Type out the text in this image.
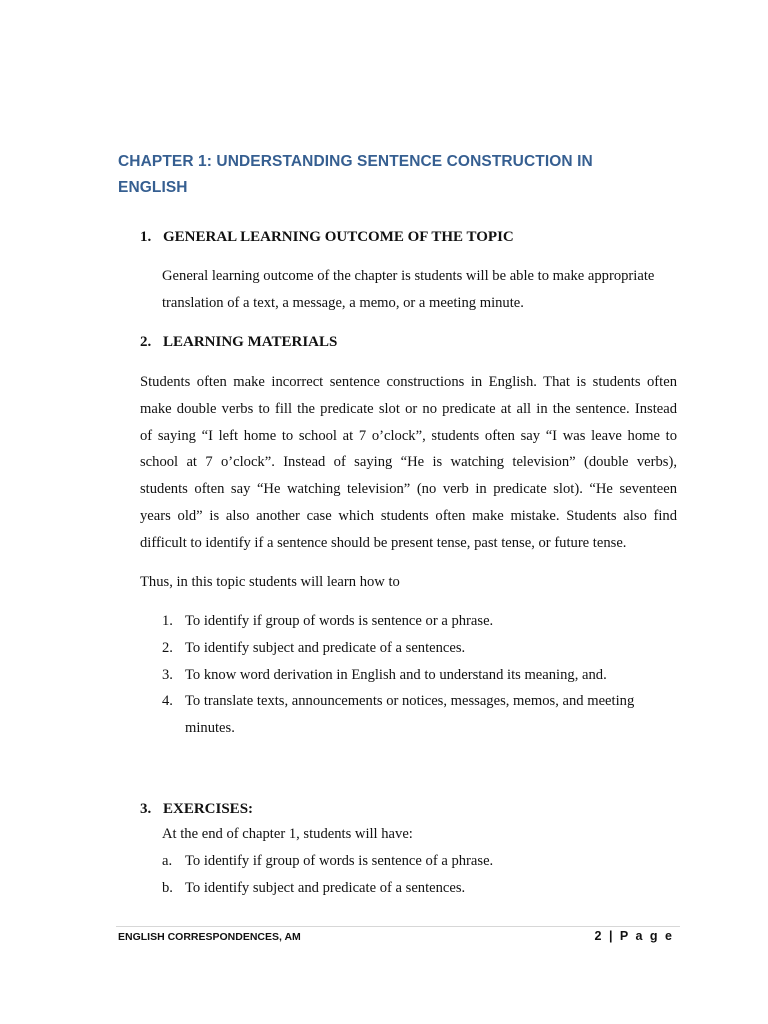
CHAPTER 1: UNDERSTANDING SENTENCE CONSTRUCTION IN
ENGLISH
1. GENERAL LEARNING OUTCOME OF THE TOPIC
General learning outcome of the chapter is students will be able to make appropriate
translation of a text, a message, a memo, or a meeting minute.
2. LEARNING MATERIALS
Students often make incorrect sentence constructions in English. That is students often
make double verbs to fill the predicate slot or no predicate at all in the sentence. Instead
of saying “I left home to school at 7 o’clock”, students often say “I was leave home to
school at 7 o’clock”. Instead of saying “He is watching television” (double verbs),
students often say “He watching television” (no verb in predicate slot). “He seventeen
years old” is also another case which students often make mistake. Students also find
difficult to identify if a sentence should be present tense, past tense, or future tense.
Thus, in this topic students will learn how to
1. To identify if group of words is sentence or a phrase.
2. To identify subject and predicate of a sentences.
3. To know word derivation in English and to understand its meaning, and.
4. To translate texts, announcements or notices, messages, memos, and meeting
minutes.
3. EXERCISES:
At the end of chapter 1, students will have:
a. To identify if group of words is sentence of a phrase.
b. To identify subject and predicate of a sentences.
ENGLISH CORRESPONDENCES, AM	2 | P a g e
